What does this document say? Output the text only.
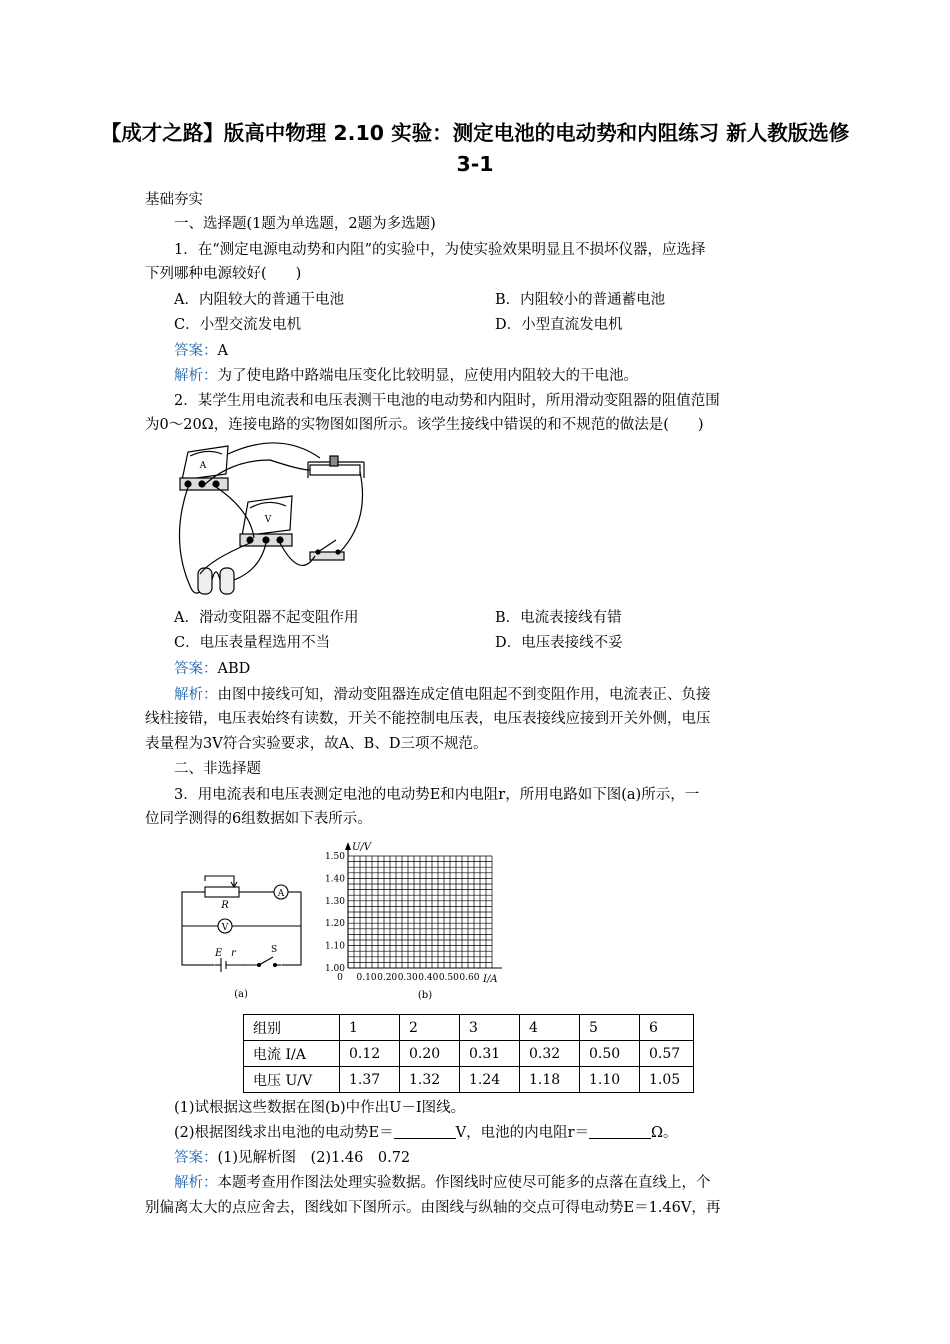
【成才之路】版高中物理 2.10 实验：测定电池的电动势和内阻练习 新人教版选修3-1
基础夯实
一、选择题(1题为单选题，2题为多选题)
1．在“测定电源电动势和内阻”的实验中，为使实验效果明显且不损坏仪器，应选择
下列哪种电源较好(　　)
A．内阻较大的普通干电池	B．内阻较小的普通蓄电池
C．小型交流发电机	D．小型直流发电机
答案：A
解析：为了使电路中路端电压变化比较明显，应使用内阻较大的干电池。
2．某学生用电流表和电压表测干电池的电动势和内阻时，所用滑动变阻器的阻值范围
为0～20Ω，连接电路的实物图如图所示。该学生接线中错误的和不规范的做法是(　　)
A
V
A．滑动变阻器不起变阻作用	B．电流表接线有错
C．电压表量程选用不当	D．电压表接线不妥
答案：ABD
解析：由图中接线可知，滑动变阻器连成定值电阻起不到变阻作用，电流表正、负接
线柱接错，电压表始终有读数，开关不能控制电压表，电压表接线应接到开关外侧，电压
表量程为3V符合实验要求，故A、B、D三项不规范。
二、非选择题
3．用电流表和电压表测定电池的电动势E和内电阻r，所用电路如下图(a)所示，一
位同学测得的6组数据如下表所示。
R
A
V
E r	S
(a)
1.50
1.40
1.30
1.20
1.10
1.00
0 0.10 0.20 0.30 0.40 0.50 0.60
U/V
I/A
(b)
组别	1	2	3	4	5	6
电流 I/A	0.12	0.20	0.31	0.32	0.50	0.57
电压 U/V	1.37	1.32	1.24	1.18	1.10	1.05
(1)试根据这些数据在图(b)中作出U－I图线。
(2)根据图线求出电池的电动势E＝	V，电池的内电阻r＝	Ω。
答案：(1)见解析图　(2)1.46　0.72
解析：本题考查用作图法处理实验数据。作图线时应使尽可能多的点落在直线上，个
别偏离太大的点应舍去，图线如下图所示。由图线与纵轴的交点可得电动势E＝1.46V，再
